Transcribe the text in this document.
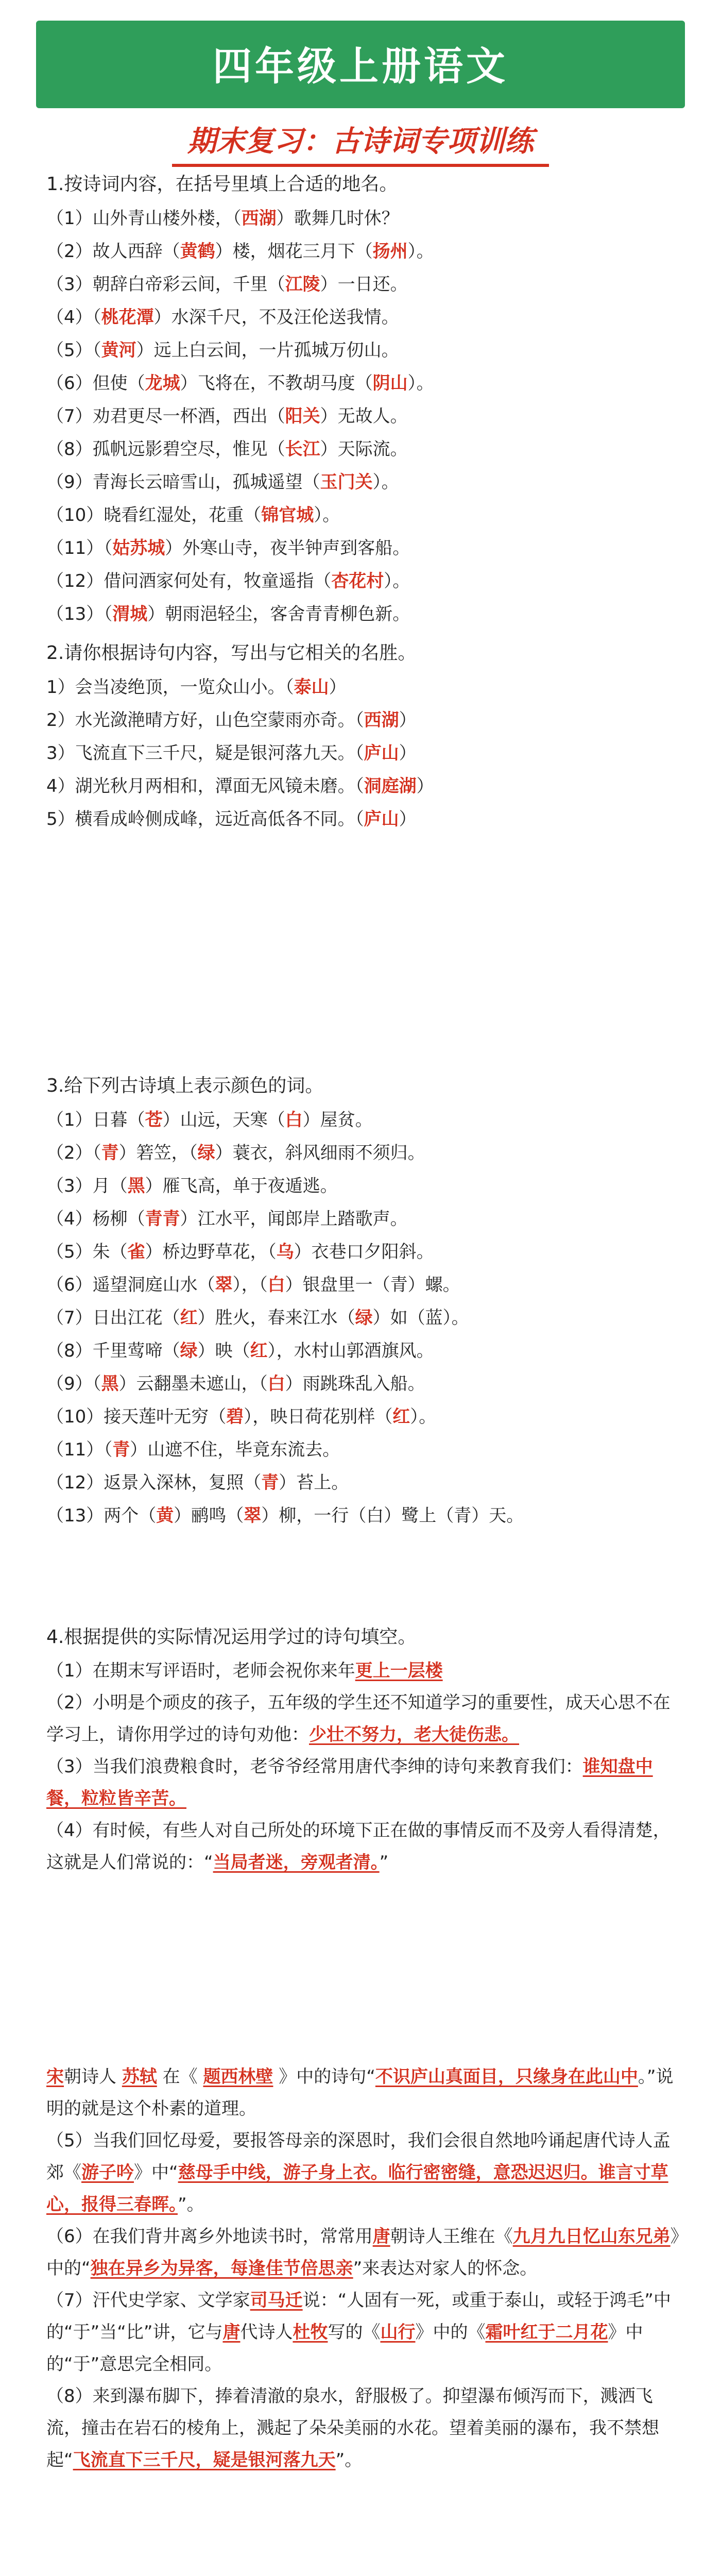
四年级上册语文
期末复习：古诗词专项训练
1.按诗词内容，在括号里填上合适的地名。
（1）山外青山楼外楼，（西湖）歌舞几时休？
（2）故人西辞（黄鹤）楼，烟花三月下（扬州）。
（3）朝辞白帝彩云间，千里（江陵）一日还。
（4）（桃花潭）水深千尺，不及汪伦送我情。
（5）（黄河）远上白云间，一片孤城万仞山。
（6）但使（龙城）飞将在，不教胡马度（阴山）。
（7）劝君更尽一杯酒，西出（阳关）无故人。
（8）孤帆远影碧空尽，惟见（长江）天际流。
（9）青海长云暗雪山，孤城遥望（玉门关）。
（10）晓看红湿处，花重（锦官城）。
（11）（姑苏城）外寒山寺，夜半钟声到客船。
（12）借问酒家何处有，牧童遥指（杏花村）。
（13）（渭城）朝雨浥轻尘，客舍青青柳色新。
2.请你根据诗句内容，写出与它相关的名胜。
1）会当凌绝顶，一览众山小。（泰山）
2）水光潋滟晴方好，山色空蒙雨亦奇。（西湖）
3）飞流直下三千尺，疑是银河落九天。（庐山）
4）湖光秋月两相和，潭面无风镜未磨。（洞庭湖）
5）横看成岭侧成峰，远近高低各不同。（庐山）
3.给下列古诗填上表示颜色的词。
（1）日暮（苍）山远，天寒（白）屋贫。
（2）（青）箬笠，（绿）蓑衣，斜风细雨不须归。
（3）月（黑）雁飞高，单于夜遁逃。
（4）杨柳（青青）江水平，闻郎岸上踏歌声。
（5）朱（雀）桥边野草花，（乌）衣巷口夕阳斜。
（6）遥望洞庭山水（翠），（白）银盘里一（青）螺。
（7）日出江花（红）胜火，春来江水（绿）如（蓝）。
（8）千里莺啼（绿）映（红），水村山郭酒旗风。
（9）（黑）云翻墨未遮山，（白）雨跳珠乱入船。
（10）接天莲叶无穷（碧），映日荷花别样（红）。
（11）（青）山遮不住，毕竟东流去。
（12）返景入深林，复照（青）苔上。
（13）两个（黄）鹂鸣（翠）柳，一行（白）鹭上（青）天。
4.根据提供的实际情况运用学过的诗句填空。
（1）在期末写评语时，老师会祝你来年更上一层楼
（2）小明是个顽皮的孩子，五年级的学生还不知道学习的重要性，成天心思不在学习上，请你用学过的诗句劝他：少壮不努力，老大徒伤悲。
（3）当我们浪费粮食时，老爷爷经常用唐代李绅的诗句来教育我们：谁知盘中餐，粒粒皆辛苦。
（4）有时候，有些人对自己所处的环境下正在做的事情反而不及旁人看得清楚，这就是人们常说的：“当局者迷，旁观者清。”
宋朝诗人 苏轼 在《 题西林壁 》中的诗句“不识庐山真面目，只缘身在此山中。”说明的就是这个朴素的道理。
（5）当我们回忆母爱，要报答母亲的深恩时，我们会很自然地吟诵起唐代诗人孟郊《游子吟》中“慈母手中线，游子身上衣。临行密密缝，意恐迟迟归。谁言寸草心，报得三春晖。”。
（6）在我们背井离乡外地读书时，常常用唐朝诗人王维在《九月九日忆山东兄弟》中的“独在异乡为异客，每逢佳节倍思亲”来表达对家人的怀念。
（7）汗代史学家、文学家司马迁说：“人固有一死，或重于泰山，或轻于鸿毛”中的“于”当“比”讲，它与唐代诗人杜牧写的《山行》中的《霜叶红于二月花》中的“于”意思完全相同。
（8）来到瀑布脚下，捧着清澈的泉水，舒服极了。抑望瀑布倾泻而下，溅洒飞流，撞击在岩石的棱角上，溅起了朵朵美丽的水花。望着美丽的瀑布，我不禁想起“飞流直下三千尺，疑是银河落九天”。
